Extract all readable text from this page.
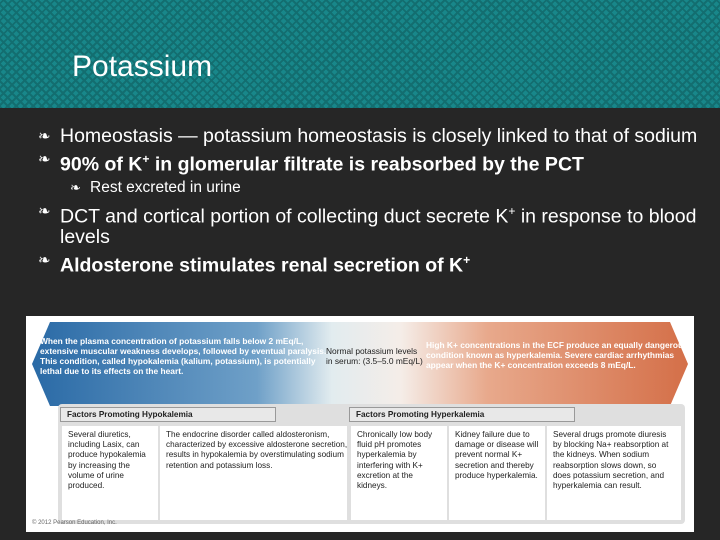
Potassium
❧ Homeostasis — potassium homeostasis is closely linked to that of sodium
❧ 90% of K+ in glomerular filtrate is reabsorbed by the PCT
❧ Rest excreted in urine
❧ DCT and cortical portion of collecting duct secrete K+ in response to blood levels
❧ Aldosterone stimulates renal secretion of K+
When the plasma concentration of potassium falls below 2 mEq/L, extensive muscular weakness develops, followed by eventual paralysis. This condition, called hypokalemia (kalium, potassium), is potentially lethal due to its effects on the heart.
Normal potassium levels in serum: (3.5–5.0 mEq/L)
High K+ concentrations in the ECF produce an equally dangerous condition known as hyperkalemia. Severe cardiac arrhythmias appear when the K+ concentration exceeds 8 mEq/L.
Factors Promoting Hypokalemia
Several diuretics, including Lasix, can produce hypokalemia by increasing the volume of urine produced.
The endocrine disorder called aldosteronism, characterized by excessive aldosterone secretion, results in hypokalemia by overstimulating sodium retention and potassium loss.
Factors Promoting Hyperkalemia
Chronically low body fluid pH promotes hyperkalemia by interfering with K+ excretion at the kidneys.
Kidney failure due to damage or disease will prevent normal K+ secretion and thereby produce hyperkalemia.
Several drugs promote diuresis by blocking Na+ reabsorption at the kidneys. When sodium reabsorption slows down, so does potassium secretion, and hyperkalemia can result.
© 2012 Pearson Education, Inc.
